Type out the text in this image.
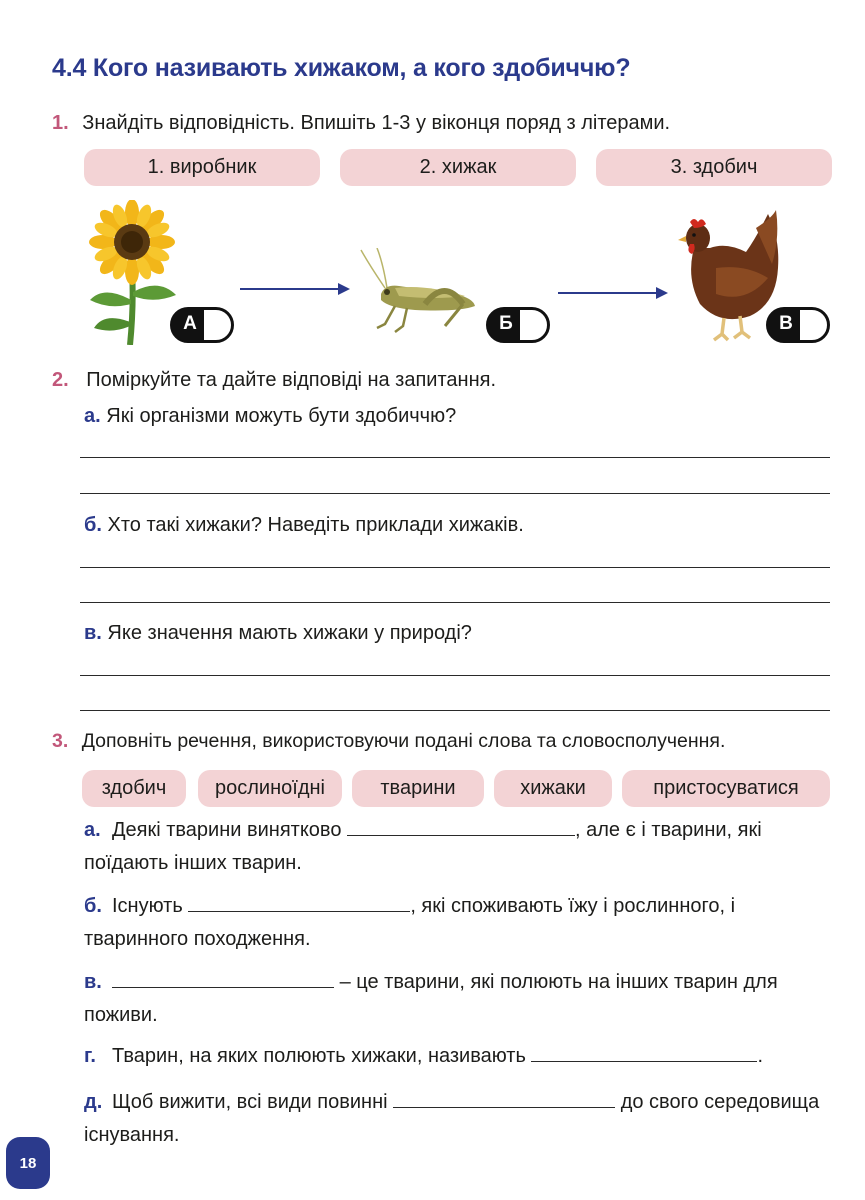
4.4 Кого називають хижаком, а кого здобиччю?
1. Знайдіть відповідність. Впишіть 1-3 у віконця поряд з літерами.
1. виробник	2. хижак	3. здобич
А	Б	В
2. Поміркуйте та дайте відповіді на запитання.
а. Які організми можуть бути здобиччю?
б. Хто такі хижаки? Наведіть приклади хижаків.
в. Яке значення мають хижаки у природі?
3. Доповніть речення, використовуючи подані слова та словосполучення.
здобич	рослиноїдні	тварини	хижаки	пристосуватися
а. Деякі тварини винятково	, але є і тварини, які поїдають інших тварин.
б. Існують	, які споживають їжу і рослинного, і тваринного походження.
в.	– це тварини, які полюють на інших тварин для поживи.
г. Тварин, на яких полюють хижаки, називають	.
д. Щоб вижити, всі види повинні	до свого середовища існування.
18
